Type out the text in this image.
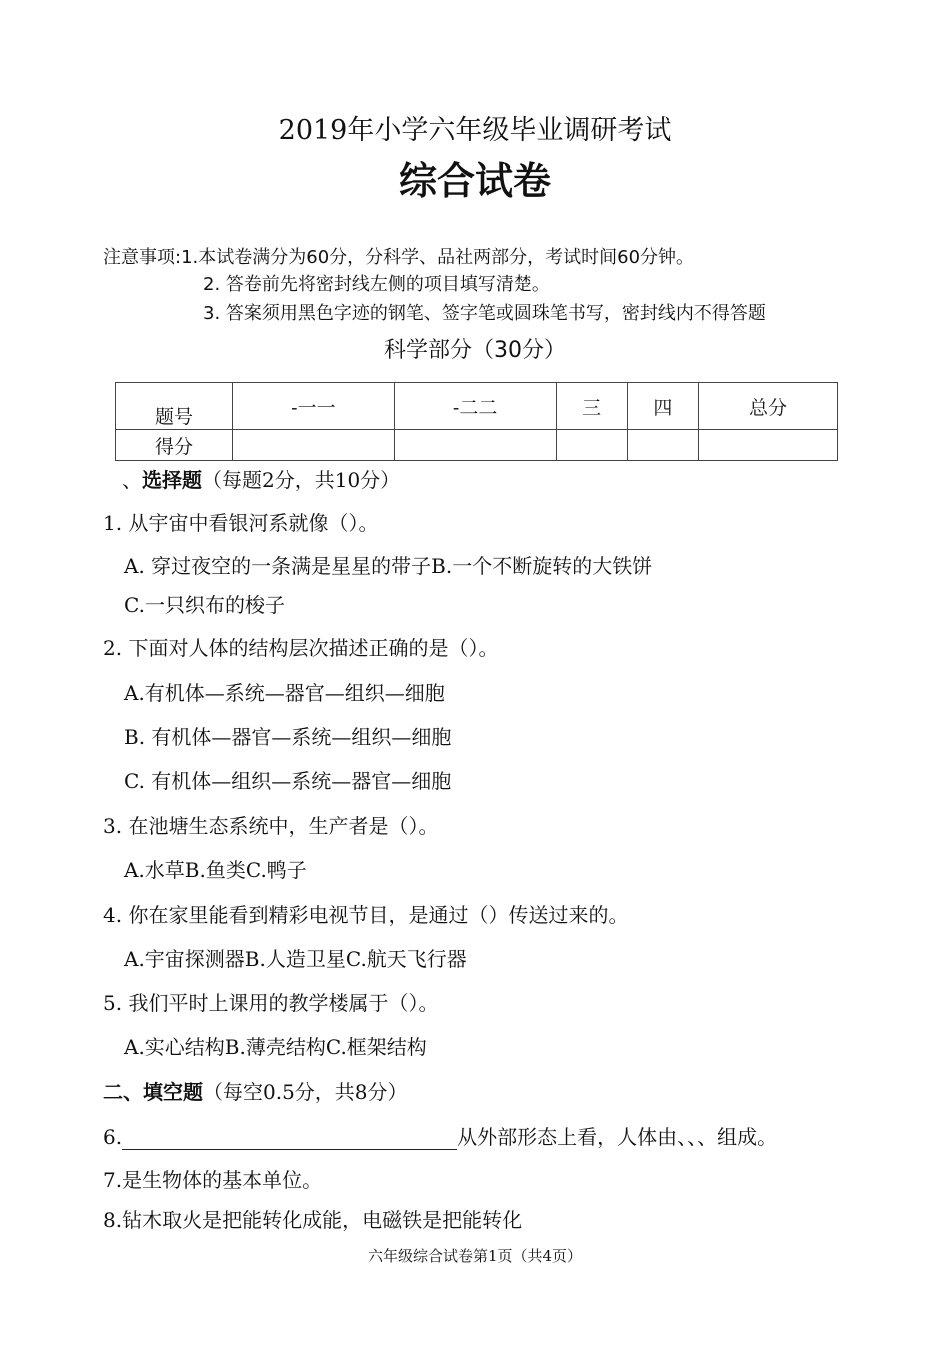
2019年小学六年级毕业调研考试
综合试卷
注意事项:1.本试卷满分为60分，分科学、品社两部分，考试时间60分钟。
2. 答卷前先将密封线左侧的项目填写清楚。
3. 答案须用黑色字迹的钢笔、签字笔或圆珠笔书写，密封线内不得答题
科学部分（30分）
题号	-一一	-二二	三	四	总分
得分					
、选择题（每题2分，共10分）
1. 从宇宙中看银河系就像（）。
A. 穿过夜空的一条满是星星的带子B.一个不断旋转的大铁饼
C.一只织布的梭子
2. 下面对人体的结构层次描述正确的是（）。
A.有机体—系统—器官—组织—细胞
B. 有机体—器官—系统—组织—细胞
C. 有机体—组织—系统—器官—细胞
3. 在池塘生态系统中，生产者是（）。
A.水草B.鱼类C.鸭子
4. 你在家里能看到精彩电视节目，是通过（）传送过来的。
A.宇宙探测器B.人造卫星C.航天飞行器
5. 我们平时上课用的教学楼属于（）。
A.实心结构B.薄壳结构C.框架结构
二、填空题（每空0.5分，共8分）
6.	从外部形态上看，人体由、、、组成。
7.是生物体的基本单位。
8.钻木取火是把能转化成能，电磁铁是把能转化
六年级综合试卷第1页（共4页）
